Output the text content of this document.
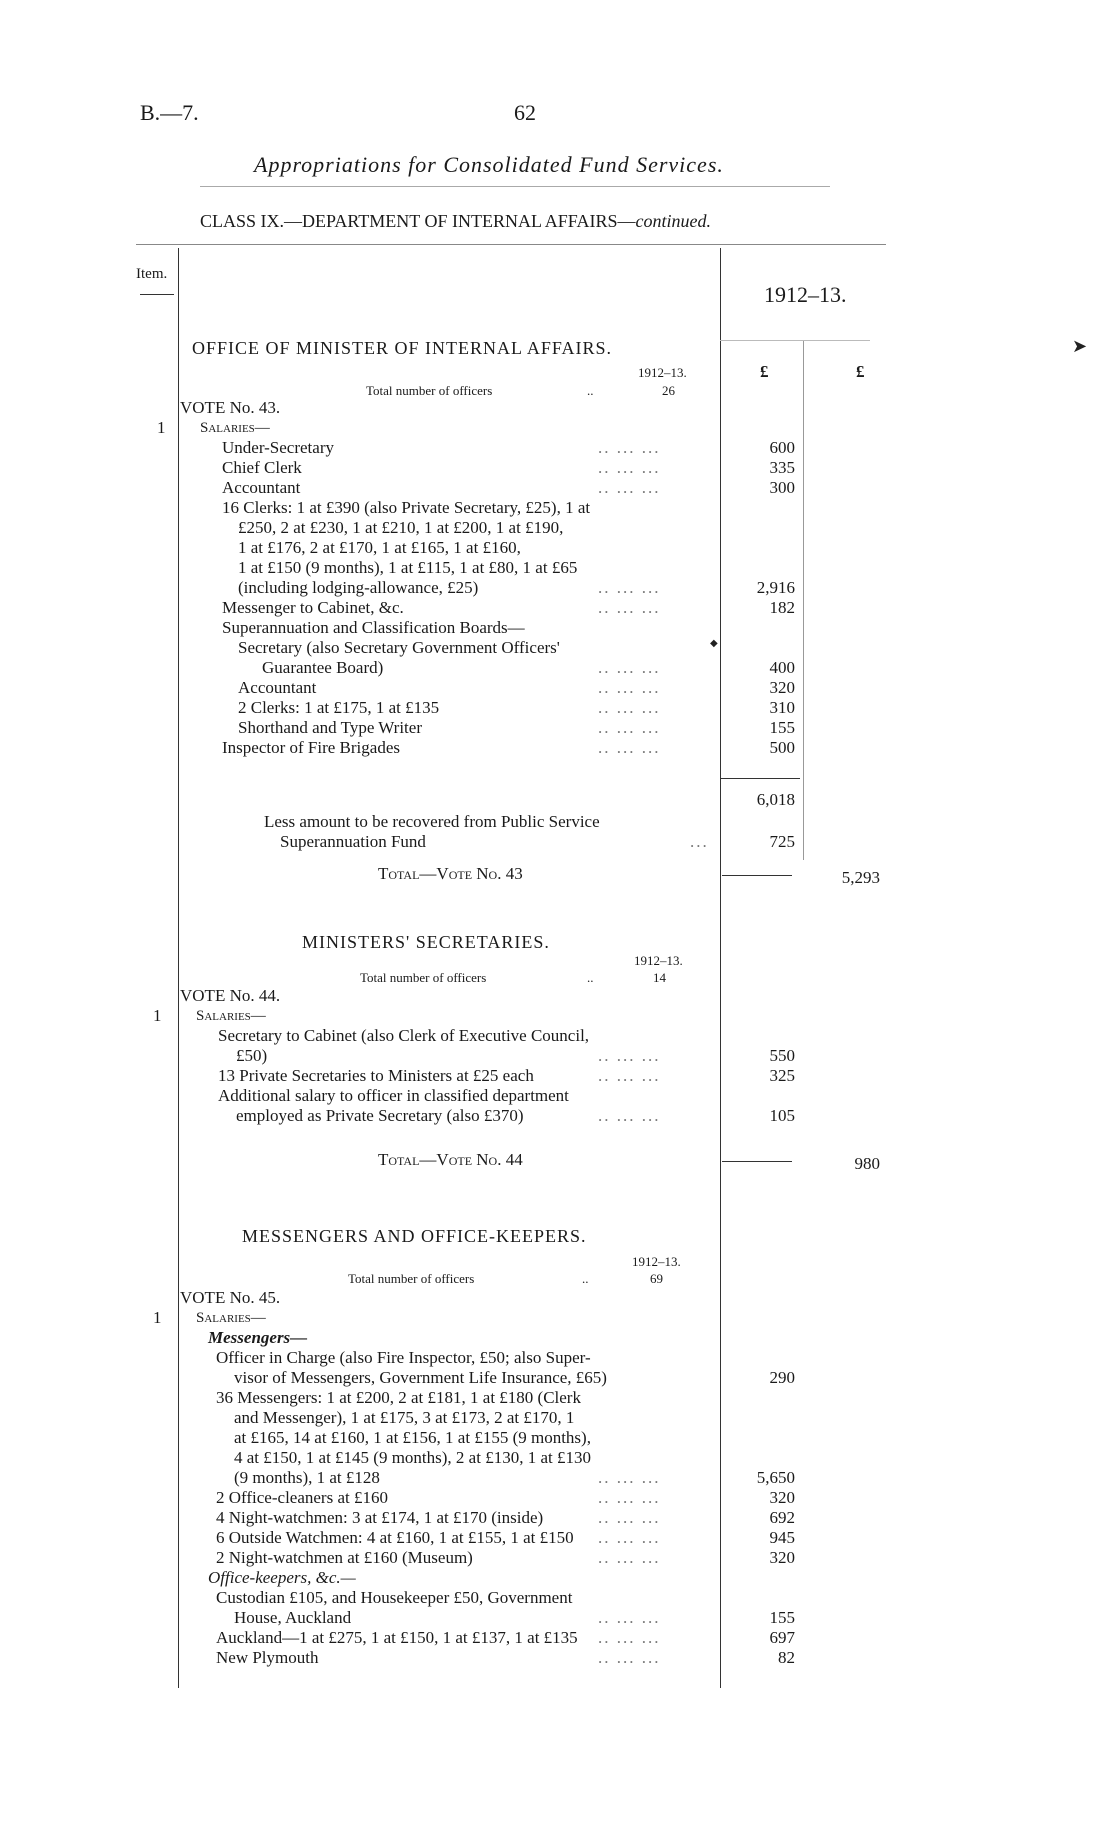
B.—7.	62
Appropriations for Consolidated Fund Services.
CLASS IX.—DEPARTMENT OF INTERNAL AFFAIRS—continued.
Item.
1912–13.
OFFICE OF MINISTER OF INTERNAL AFFAIRS.
1912–13.
Total number of officers	..	26
£	£
VOTE No. 43.
1 Salaries—
Under-Secretary	600
.. ... ...
Chief Clerk	335
.. ... ...
Accountant	300
.. ... ...
16 Clerks: 1 at £390 (also Private Secretary, £25), 1 at
£250, 2 at £230, 1 at £210, 1 at £200, 1 at £190,
1 at £176, 2 at £170, 1 at £165, 1 at £160,
1 at £150 (9 months), 1 at £115, 1 at £80, 1 at £65
(including lodging-allowance, £25)	2,916
.. ... ...
Messenger to Cabinet, &c.	182
.. ... ...
Superannuation and Classification Boards—
Secretary (also Secretary Government Officers'
Guarantee Board)	400
.. ... ...
Accountant	320
.. ... ...
2 Clerks: 1 at £175, 1 at £135	310
.. ... ...
Shorthand and Type Writer	155
.. ... ...
Inspector of Fire Brigades	500
.. ... ...
6,018
Less amount to be recovered from Public Service
Superannuation Fund	...	725
Total—Vote No. 43	5,293
MINISTERS' SECRETARIES.
1912–13.
Total number of officers	..	14
VOTE No. 44.
1 Salaries—
Secretary to Cabinet (also Clerk of Executive Council,
£50)	550
.. ... ...
13 Private Secretaries to Ministers at £25 each	325
.. ... ...
Additional salary to officer in classified department
employed as Private Secretary (also £370)	105
.. ... ...
Total—Vote No. 44	980
MESSENGERS AND OFFICE-KEEPERS.
1912–13.
Total number of officers	..	69
VOTE No. 45.
1 Salaries—
Messengers—
Officer in Charge (also Fire Inspector, £50; also Super-
visor of Messengers, Government Life Insurance, £65)	290
36 Messengers: 1 at £200, 2 at £181, 1 at £180 (Clerk
and Messenger), 1 at £175, 3 at £173, 2 at £170, 1
at £165, 14 at £160, 1 at £156, 1 at £155 (9 months),
4 at £150, 1 at £145 (9 months), 2 at £130, 1 at £130
(9 months), 1 at £128	5,650
.. ... ...
2 Office-cleaners at £160	320
.. ... ...
4 Night-watchmen: 3 at £174, 1 at £170 (inside)	692
.. ... ...
6 Outside Watchmen: 4 at £160, 1 at £155, 1 at £150	945
.. ... ...
2 Night-watchmen at £160 (Museum)	320
.. ... ...
Office-keepers, &c.—
Custodian £105, and Housekeeper £50, Government
House, Auckland	155
.. ... ...
Auckland—1 at £275, 1 at £150, 1 at £137, 1 at £135	697
.. ... ...
New Plymouth	82
.. ... ...
➤
◆
